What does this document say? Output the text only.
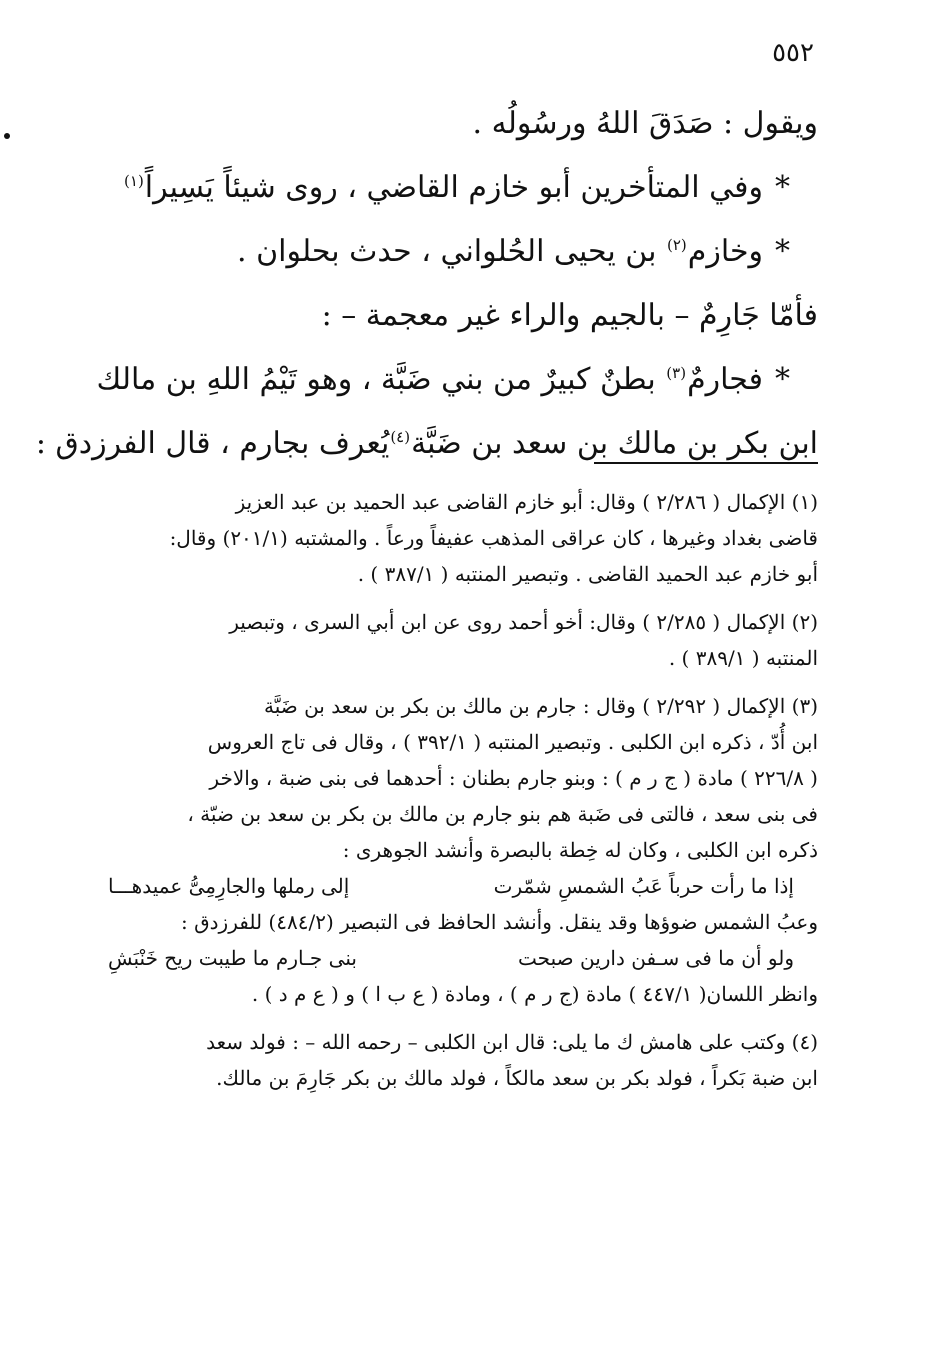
٥٥٢
ويقول : صَدَقَ اللهُ ورسُولُه .
*وفي المتأخرين أبو خازم القاضي ، روى شيئاً يَسِيراً$^{(١)}$
*وخازم$^{(٢)}$ بن يحيى الحُلواني ، حدث بحلوان .
فأمّا جَارِمٌ – بالجيم والراء غير معجمة – :
*فجارمٌ$^{(٣)}$ بطنٌ كبيرٌ من بني ضَبَّة ، وهو تَيْمُ اللهِ بن مالك
ابن بكر بن مالك بن سعد بن ضَبَّة$^{(٤)}$يُعرف بجارم ، قال الفرزدق :
(١) الإكمال ( ٢/٢٨٦ ) وقال: أبو خازم القاضى عبد الحميد بن عبد العزيز
قاضى بغداد وغيرها ، كان عراقى المذهب عفيفاً ورعاً . والمشتبه (٢٠١/١) وقال:
أبو خازم عبد الحميد القاضى . وتبصير المنتبه ( ٣٨٧/١ ) .
(٢) الإكمال ( ٢/٢٨٥ ) وقال: أخو أحمد روى عن ابن أبي السرى ، وتبصير
المنتبه ( ٣٨٩/١ ) .
(٣) الإكمال ( ٢/٢٩٢ ) وقال : جارم بن مالك بن بكر بن سعد بن ضَبَّة
ابن أُدّ ، ذكره ابن الكلبى . وتبصير المنتبه ( ٣٩٢/١ ) ، وقال فى تاج العروس
( ٢٢٦/٨ ) مادة ( ج ر م ) : وبنو جارم بطنان : أحدهما فى بنى ضبة ، والاخر
فى بنى سعد ، فالتى فى ضَبة هم بنو جارم بن مالك بن بكر بن سعد بن ضبّة ،
ذكره ابن الكلبى ، وكان له خِطة بالبصرة وأنشد الجوهرى :
إذا ما رأت حرباً عَبُ الشمسِ شمّرت
إلى رملها والجارِمِىُّ عميدهـــا
وعبُ الشمس ضوؤها وقد ينقل. وأنشد الحافظ فى التبصير (٤٨٤/٢) للفرزدق :
ولو أن ما فى سـفن دارين صبحت
بنى جـارم ما طيبت ريح خَنْبَشِ
وانظر اللسان( ٤٤٧/١ ) مادة (ج ر م ) ، ومادة ( ع ب ا ) و ( ع م د ) .
(٤) وكتب على هامش ك ما يلى: قال ابن الكلبى – رحمه الله – : فولد سعد
ابن ضبة بَكراً ، فولد بكر بن سعد مالكاً ، فولد مالك بن بكر جَارِمَ بن مالك.
